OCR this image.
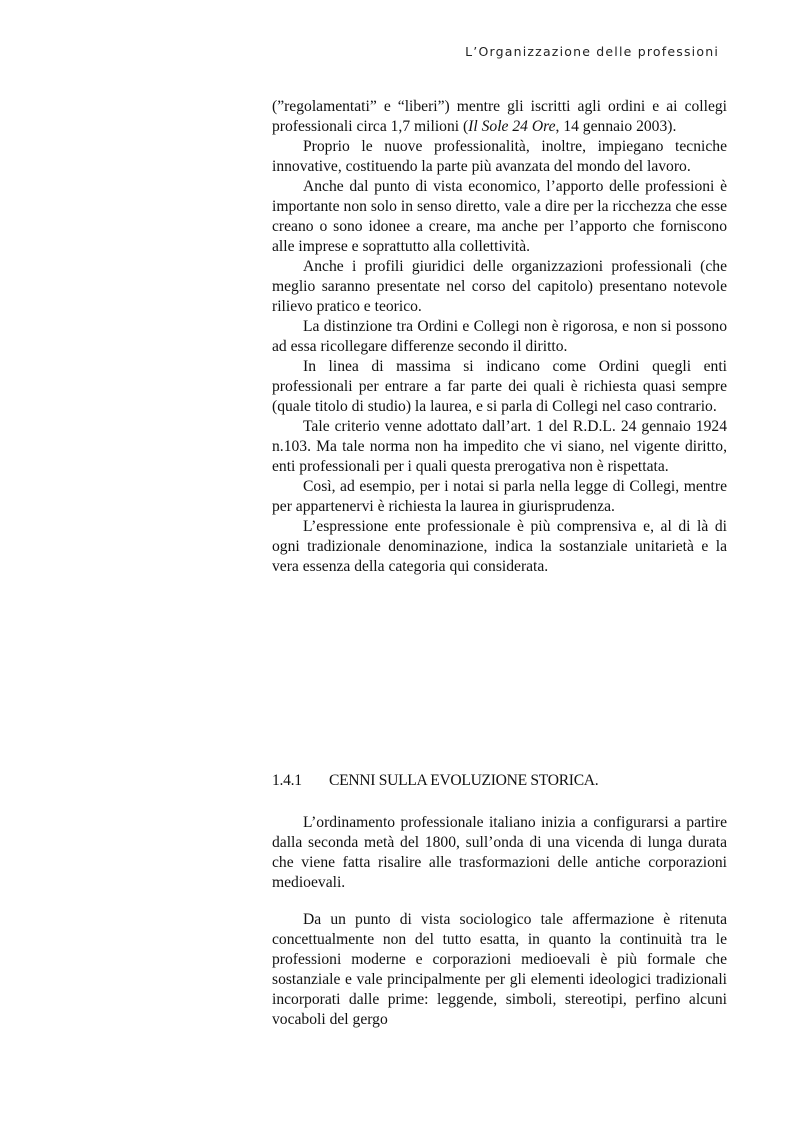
L’Organizzazione delle professioni

(”regolamentati” e “liberi”) mentre gli iscritti agli ordini e ai collegi professionali circa 1,7 milioni (Il Sole 24 Ore, 14 gennaio 2003).

Proprio le nuove professionalità, inoltre, impiegano tecniche innovative, costituendo la parte più avanzata del mondo del lavoro.

Anche dal punto di vista economico, l’apporto delle professioni è importante non solo in senso diretto, vale a dire per la ricchezza che esse creano o sono idonee a creare, ma anche per l’apporto che forniscono alle imprese e soprattutto alla collettività.

Anche i profili giuridici delle organizzazioni professionali (che meglio saranno presentate nel corso del capitolo) presentano notevole rilievo pratico e teorico.

La distinzione tra Ordini e Collegi non è rigorosa, e non si possono ad essa ricollegare differenze secondo il diritto.

In linea di massima si indicano come Ordini quegli enti professionali per entrare a far parte dei quali è richiesta quasi sempre (quale titolo di studio) la laurea, e si parla di Collegi nel caso contrario.

Tale criterio venne adottato dall’art. 1 del R.D.L. 24 gennaio 1924 n.103. Ma tale norma non ha impedito che vi siano, nel vigente diritto, enti professionali per i quali questa prerogativa non è rispettata.

Così, ad esempio, per i notai si parla nella legge di Collegi, mentre per appartenervi è richiesta la laurea in giurisprudenza.

L’espressione ente professionale è più comprensiva e, al di là di ogni tradizionale denominazione, indica la sostanziale unitarietà e la vera essenza della categoria qui considerata.

1.4.1 CENNI SULLA EVOLUZIONE STORICA.

L’ordinamento professionale italiano inizia a configurarsi a partire dalla seconda metà del 1800, sull’onda di una vicenda di lunga durata che viene fatta risalire alle trasformazioni delle antiche corporazioni medioevali.

Da un punto di vista sociologico tale affermazione è ritenuta concettualmente non del tutto esatta, in quanto la continuità tra le professioni moderne e corporazioni medioevali è più formale che sostanziale e vale principalmente per gli elementi ideologici tradizionali incorporati dalle prime: leggende, simboli, stereotipi, perfino alcuni vocaboli del gergo
